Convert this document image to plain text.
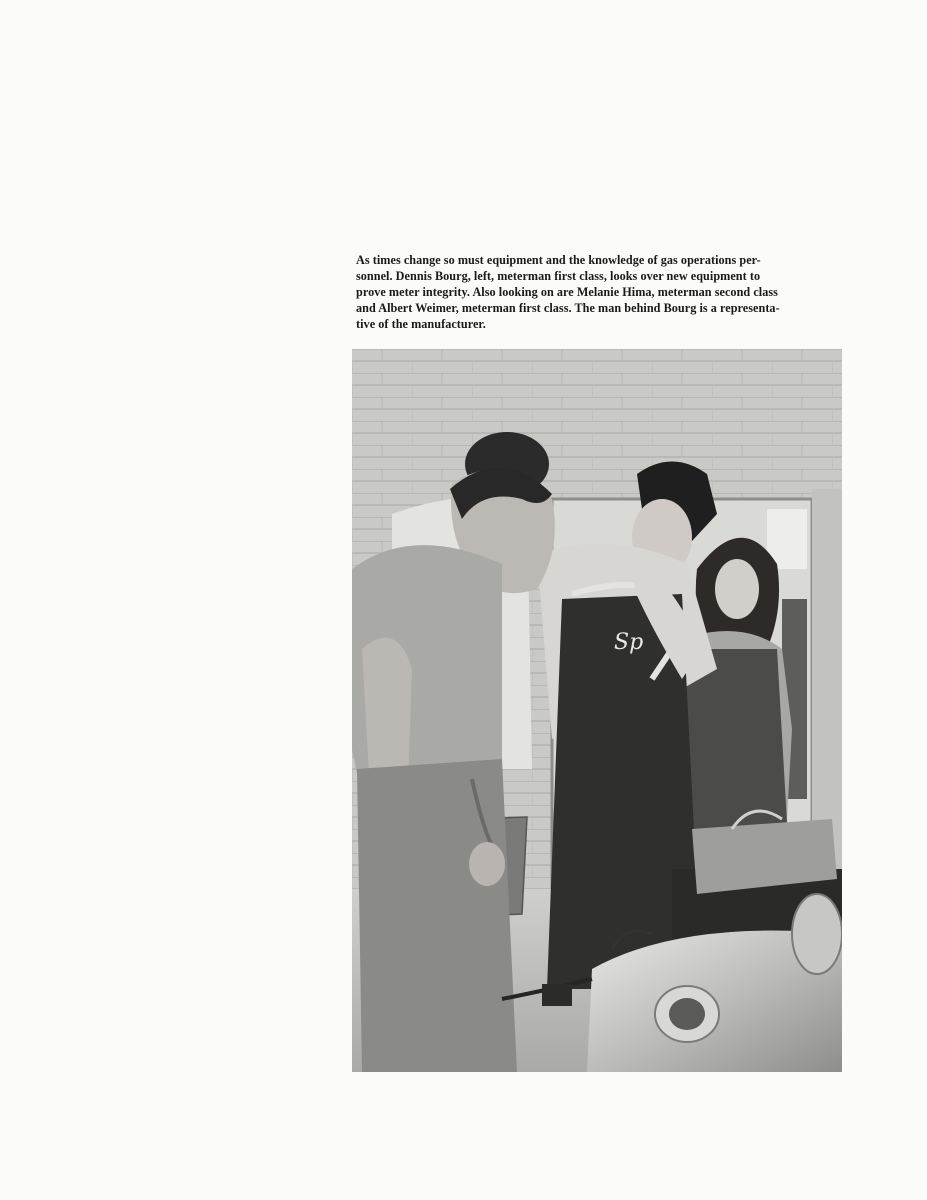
As times change so must equipment and the knowledge of gas operations per-
sonnel. Dennis Bourg, left, meterman first class, looks over new equipment to
prove meter integrity. Also looking on are Melanie Hima, meterman second class
and Albert Weimer, meterman first class. The man behind Bourg is a representa-
tive of the manufacturer.

Sp
